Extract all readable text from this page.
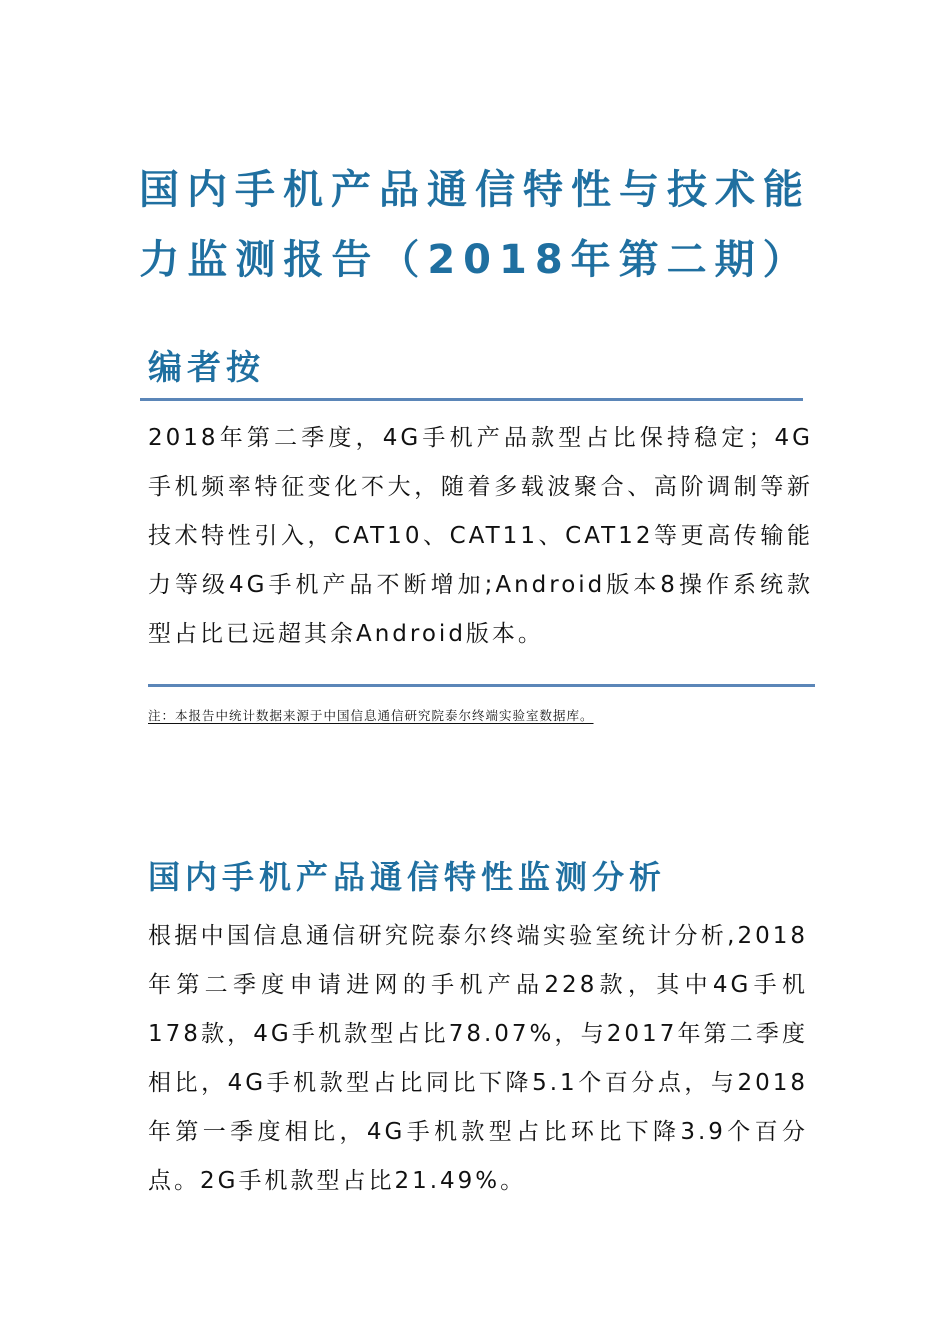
国内手机产品通信特性与技术能
力监测报告（2018年第二期）
编者按

2018年第二季度，4G手机产品款型占比保持稳定；4G手机频率特征变化不大，随着多载波聚合、高阶调制等新技术特性引入，CAT10、CAT11、CAT12等更高传输能力等级4G手机产品不断增加;Android版本8操作系统款型占比已远超其余Android版本。

注：本报告中统计数据来源于中国信息通信研究院泰尔终端实验室数据库。
国内手机产品通信特性监测分析

根据中国信息通信研究院泰尔终端实验室统计分析,2018年第二季度申请进网的手机产品228款，其中4G手机178款，4G手机款型占比78.07%，与2017年第二季度相比，4G手机款型占比同比下降5.1个百分点，与2018年第一季度相比，4G手机款型占比环比下降3.9个百分点。2G手机款型占比21.49%。
